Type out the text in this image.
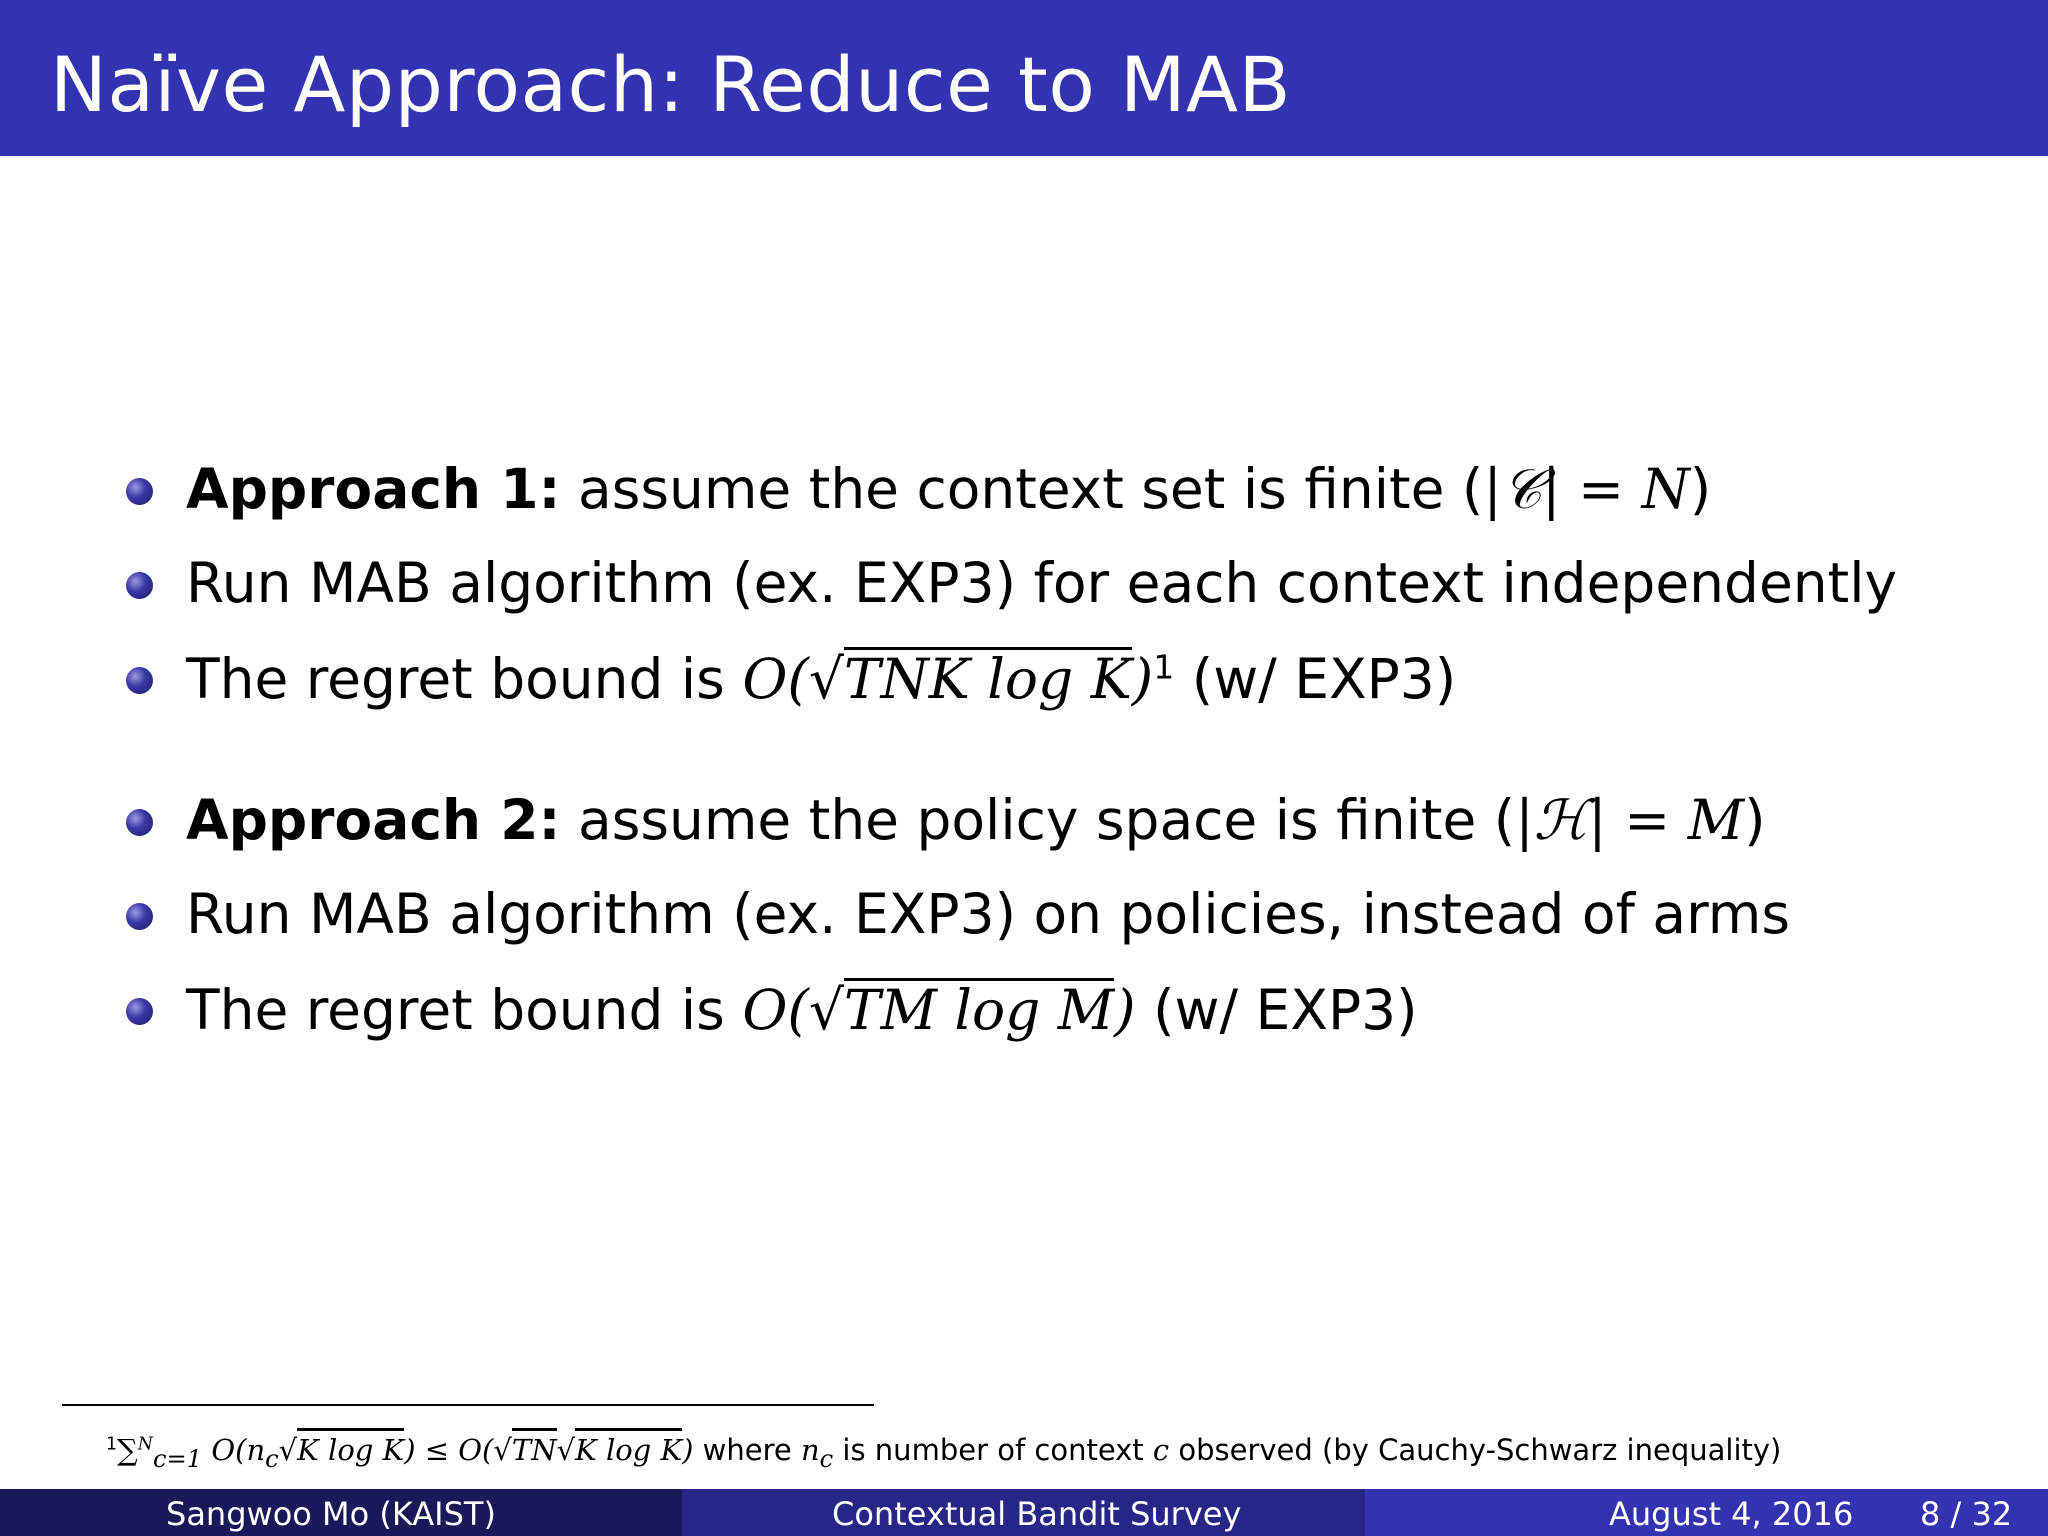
Naïve Approach: Reduce to MAB
Approach 1: assume the context set is finite (|𝒞| = N)
Run MAB algorithm (ex. EXP3) for each context independently
The regret bound is O(√TNK log K)$^1$ (w/ EXP3)
Approach 2: assume the policy space is finite (|ℋ| = M)
Run MAB algorithm (ex. EXP3) on policies, instead of arms
The regret bound is O(√TM log M) (w/ EXP3)
$^1$∑$^N_{c=1}$ $O(n_c√K$ log K) ≤ O(√TN√K log K) where $n_c$ is number of context c observed (by Cauchy-Schwarz inequality)
Sangwoo Mo (KAIST)	Contextual Bandit Survey	August 4, 2016 8 / 32
